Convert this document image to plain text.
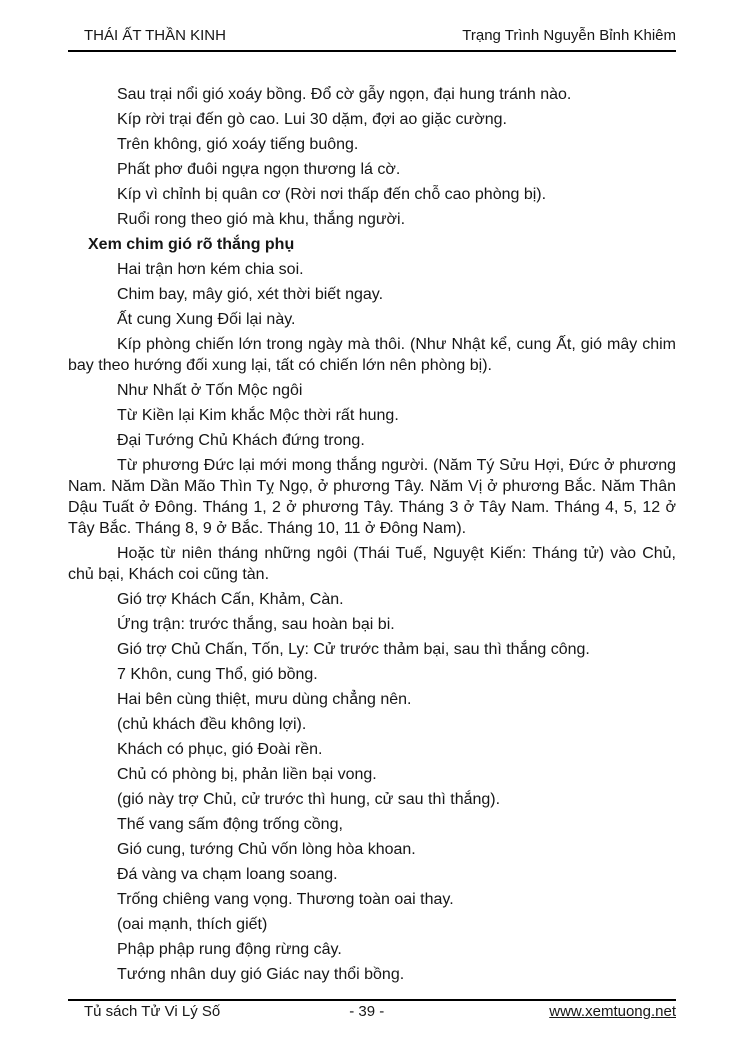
THÁI ẤT THẦN KINH	Trạng Trình Nguyễn Bỉnh Khiêm

Sau trại nổi gió xoáy bồng. Đổ cờ gẫy ngọn, đại hung tránh nào.

Kíp rời trại đến gò cao. Lui 30 dặm, đợi ao giặc cường.

Trên không, gió xoáy tiếng buông.

Phất phơ đuôi ngựa ngọn thương lá cờ.

Kíp vì chỉnh bị quân cơ (Rời nơi thấp đến chỗ cao phòng bị).

Ruổi rong theo gió mà khu, thắng người.

Xem chim gió rõ thắng phụ

Hai trận hơn kém chia soi.

Chim bay, mây gió, xét thời biết ngay.

Ất cung Xung Đối lại này.

Kíp phòng chiến lớn trong ngày mà thôi. (Như Nhật kể, cung Ất, gió mây chim bay theo hướng đối xung lại, tất có chiến lớn nên phòng bị).

Như Nhất ở Tốn Mộc ngôi

Từ Kiền lại Kim khắc Mộc thời rất hung.

Đại Tướng Chủ Khách đứng trong.

Từ phương Đức lại mới mong thắng người. (Năm Tý Sửu Hợi, Đức ở phương Nam. Năm Dần Mão Thìn Tỵ Ngọ, ở phương Tây. Năm Vị ở phương Bắc. Năm Thân Dậu Tuất ở Đông. Tháng 1, 2 ở phương Tây. Tháng 3 ở Tây Nam. Tháng 4, 5, 12 ở Tây Bắc. Tháng 8, 9 ở Bắc. Tháng 10, 11 ở Đông Nam).

Hoặc từ niên tháng những ngôi (Thái Tuế, Nguyệt Kiến: Tháng tử) vào Chủ, chủ bại, Khách coi cũng tàn.

Gió trợ Khách Cấn, Khảm, Càn.

Ứng trận: trước thắng, sau hoàn bại bi.

Gió trợ Chủ Chấn, Tốn, Ly: Cử trước thảm bại, sau thì thắng công.

7 Khôn, cung Thổ, gió bồng.

Hai bên cùng thiệt, mưu dùng chẳng nên.

(chủ khách đều không lợi).

Khách có phục, gió Đoài rền.

Chủ có phòng bị, phản liền bại vong.

(gió này trợ Chủ, cử trước thì hung, cử sau thì thắng).

Thế vang sấm động trống cồng,

Gió cung, tướng Chủ vốn lòng hòa khoan.

Đá vàng va chạm loang soang.

Trống chiêng vang vọng. Thương toàn oai thay.

(oai mạnh, thích giết)

Phập phập rung động rừng cây.

Tướng nhân duy gió Giác nay thổi bồng.

Tủ sách Tử Vi Lý Số	- 39 -	www.xemtuong.net
